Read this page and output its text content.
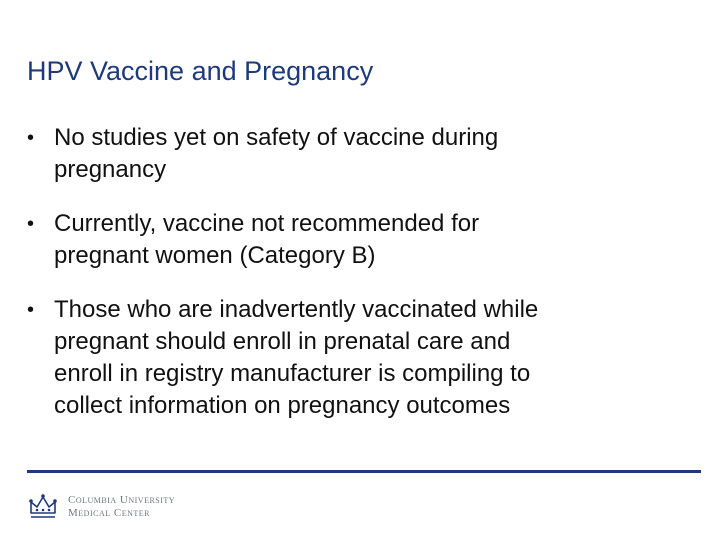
HPV Vaccine and Pregnancy
• No studies yet on safety of vaccine during
pregnancy
• Currently, vaccine not recommended for
pregnant women (Category B)
• Those who are inadvertently vaccinated while
pregnant should enroll in prenatal care and
enroll in registry manufacturer is compiling to
collect information on pregnancy outcomes
Columbia University
Medical Center
